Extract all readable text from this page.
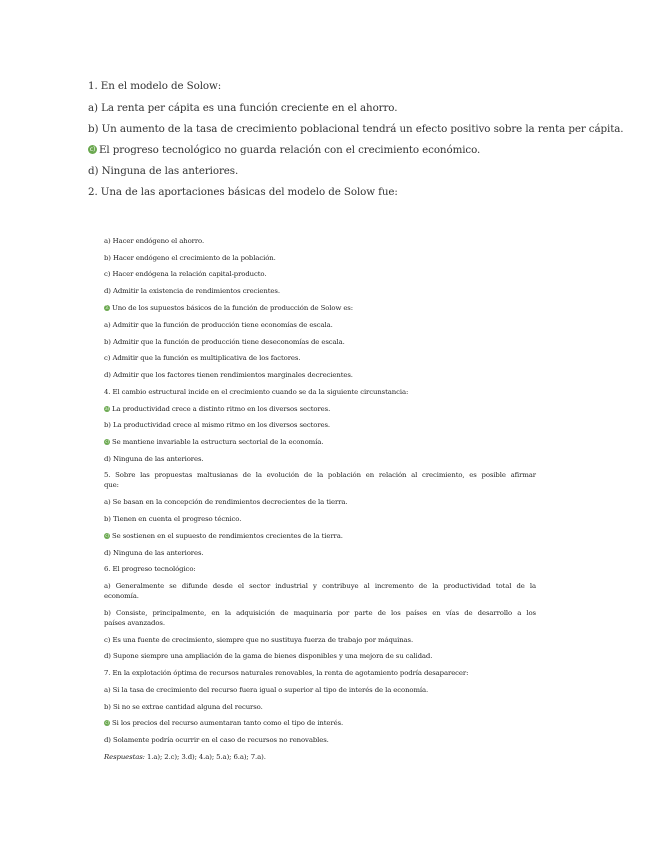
1. En el modelo de Solow:
a) La renta per cápita es una función creciente en el ahorro.
b) Un aumento de la tasa de crecimiento poblacional tendrá un efecto positivo sobre la renta per cápita.
c) El progreso tecnológico no guarda relación con el crecimiento económico.
d) Ninguna de las anteriores.
2. Una de las aportaciones básicas del modelo de Solow fue:
a) Hacer endógeno el ahorro.
b) Hacer endógeno el crecimiento de la población.
c) Hacer endógena la relación capital-producto.
d) Admitir la existencia de rendimientos crecientes.
3. Uno de los supuestos básicos de la función de producción de Solow es:
a) Admitir que la función de producción tiene economías de escala.
b) Admitir que la función de producción tiene deseconomías de escala.
c) Admitir que la función es multiplicativa de los factores.
d) Admitir que los factores tienen rendimientos marginales decrecientes.
4. El cambio estructural incide en el crecimiento cuando se da la siguiente circunstancia:
a) La productividad crece a distinto ritmo en los diversos sectores.
b) La productividad crece al mismo ritmo en los diversos sectores.
c) Se mantiene invariable la estructura sectorial de la economía.
d) Ninguna de las anteriores.
5. Sobre las propuestas maltusianas de la evolución de la población en relación al crecimiento, es posible afirmar
que:
a) Se basan en la concepción de rendimientos decrecientes de la tierra.
b) Tienen en cuenta el progreso técnico.
c) Se sostienen en el supuesto de rendimientos crecientes de la tierra.
d) Ninguna de las anteriores.
6. El progreso tecnológico:
a) Generalmente se difunde desde el sector industrial y contribuye al incremento de la productividad total de la
economía.
b) Consiste, principalmente, en la adquisición de maquinaria por parte de los países en vías de desarrollo a los
países avanzados.
c) Es una fuente de crecimiento, siempre que no sustituya fuerza de trabajo por máquinas.
d) Supone siempre una ampliación de la gama de bienes disponibles y una mejora de su calidad.
7. En la explotación óptima de recursos naturales renovables, la renta de agotamiento podría desaparecer:
a) Si la tasa de crecimiento del recurso fuera igual o superior al tipo de interés de la economía.
b) Si no se extrae cantidad alguna del recurso.
c) Si los precios del recurso aumentaran tanto como el tipo de interés.
d) Solamente podría ocurrir en el caso de recursos no renovables.
Respuestas: 1.a); 2.c); 3.d); 4.a); 5.a); 6.a); 7.a).
